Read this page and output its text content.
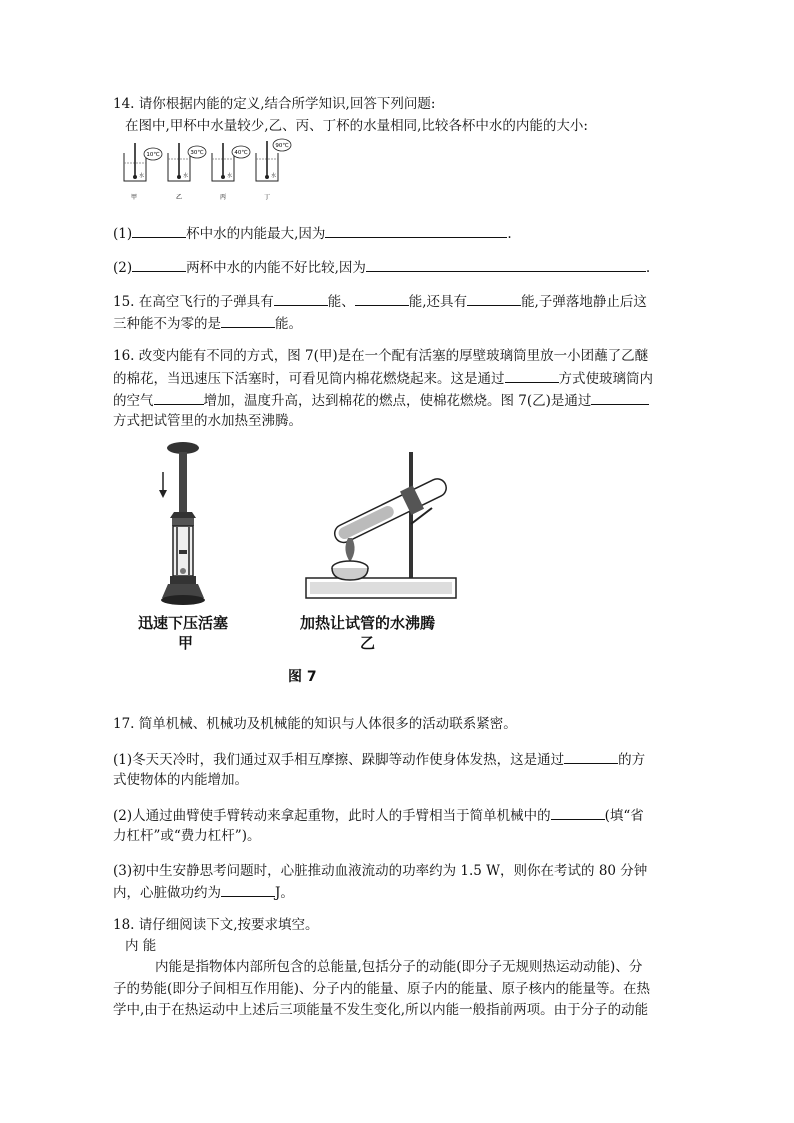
14. 请你根据内能的定义,结合所学知识,回答下列问题:
在图中,甲杯中水量较少,乙、丙、丁杯的水量相同,比较各杯中水的内能的大小:
10℃
水
甲
30℃
水
乙
40℃
水
丙
90℃
水
丁
(1)	杯中水的内能最大,因为	.
(2)	两杯中水的内能不好比较,因为	.
15. 在高空飞行的子弹具有	能、	能,还具有	能,子弹落地静止后这
三种能不为零的是	能。
16. 改变内能有不同的方式，图 7(甲)是在一个配有活塞的厚壁玻璃筒里放一小团蘸了乙醚
的棉花，当迅速压下活塞时，可看见筒内棉花燃烧起来。这是通过	方式使玻璃筒内
的空气	增加，温度升高，达到棉花的燃点，使棉花燃烧。图 7(乙)是通过
方式把试管里的水加热至沸腾。
迅速下压活塞
甲
加热让试管的水沸腾
乙
图 7
17. 简单机械、机械功及机械能的知识与人体很多的活动联系紧密。
(1)冬天天冷时，我们通过双手相互摩擦、跺脚等动作使身体发热，这是通过	的方
式使物体的内能增加。
(2)人通过曲臂使手臂转动来拿起重物，此时人的手臂相当于简单机械中的	(填“省
力杠杆”或“费力杠杆”)。
(3)初中生安静思考问题时，心脏推动血液流动的功率约为 1.5 W，则你在考试的 80 分钟
内，心脏做功约为	J。
18. 请仔细阅读下文,按要求填空。
内 能
内能是指物体内部所包含的总能量,包括分子的动能(即分子无规则热运动动能)、分
子的势能(即分子间相互作用能)、分子内的能量、原子内的能量、原子核内的能量等。在热
学中,由于在热运动中上述后三项能量不发生变化,所以内能一般指前两项。由于分子的动能
